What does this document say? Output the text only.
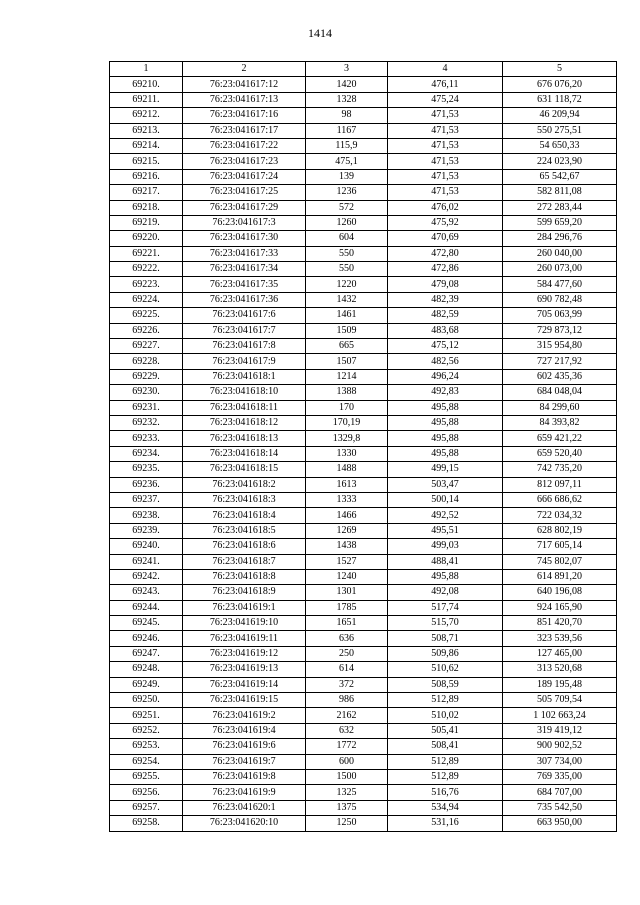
1414
1	2	3	4	5
69210.	76:23:041617:12	1420	476,11	676 076,20
69211.	76:23:041617:13	1328	475,24	631 118,72
69212.	76:23:041617:16	98	471,53	46 209,94
69213.	76:23:041617:17	1167	471,53	550 275,51
69214.	76:23:041617:22	115,9	471,53	54 650,33
69215.	76:23:041617:23	475,1	471,53	224 023,90
69216.	76:23:041617:24	139	471,53	65 542,67
69217.	76:23:041617:25	1236	471,53	582 811,08
69218.	76:23:041617:29	572	476,02	272 283,44
69219.	76:23:041617:3	1260	475,92	599 659,20
69220.	76:23:041617:30	604	470,69	284 296,76
69221.	76:23:041617:33	550	472,80	260 040,00
69222.	76:23:041617:34	550	472,86	260 073,00
69223.	76:23:041617:35	1220	479,08	584 477,60
69224.	76:23:041617:36	1432	482,39	690 782,48
69225.	76:23:041617:6	1461	482,59	705 063,99
69226.	76:23:041617:7	1509	483,68	729 873,12
69227.	76:23:041617:8	665	475,12	315 954,80
69228.	76:23:041617:9	1507	482,56	727 217,92
69229.	76:23:041618:1	1214	496,24	602 435,36
69230.	76:23:041618:10	1388	492,83	684 048,04
69231.	76:23:041618:11	170	495,88	84 299,60
69232.	76:23:041618:12	170,19	495,88	84 393,82
69233.	76:23:041618:13	1329,8	495,88	659 421,22
69234.	76:23:041618:14	1330	495,88	659 520,40
69235.	76:23:041618:15	1488	499,15	742 735,20
69236.	76:23:041618:2	1613	503,47	812 097,11
69237.	76:23:041618:3	1333	500,14	666 686,62
69238.	76:23:041618:4	1466	492,52	722 034,32
69239.	76:23:041618:5	1269	495,51	628 802,19
69240.	76:23:041618:6	1438	499,03	717 605,14
69241.	76:23:041618:7	1527	488,41	745 802,07
69242.	76:23:041618:8	1240	495,88	614 891,20
69243.	76:23:041618:9	1301	492,08	640 196,08
69244.	76:23:041619:1	1785	517,74	924 165,90
69245.	76:23:041619:10	1651	515,70	851 420,70
69246.	76:23:041619:11	636	508,71	323 539,56
69247.	76:23:041619:12	250	509,86	127 465,00
69248.	76:23:041619:13	614	510,62	313 520,68
69249.	76:23:041619:14	372	508,59	189 195,48
69250.	76:23:041619:15	986	512,89	505 709,54
69251.	76:23:041619:2	2162	510,02	1 102 663,24
69252.	76:23:041619:4	632	505,41	319 419,12
69253.	76:23:041619:6	1772	508,41	900 902,52
69254.	76:23:041619:7	600	512,89	307 734,00
69255.	76:23:041619:8	1500	512,89	769 335,00
69256.	76:23:041619:9	1325	516,76	684 707,00
69257.	76:23:041620:1	1375	534,94	735 542,50
69258.	76:23:041620:10	1250	531,16	663 950,00
